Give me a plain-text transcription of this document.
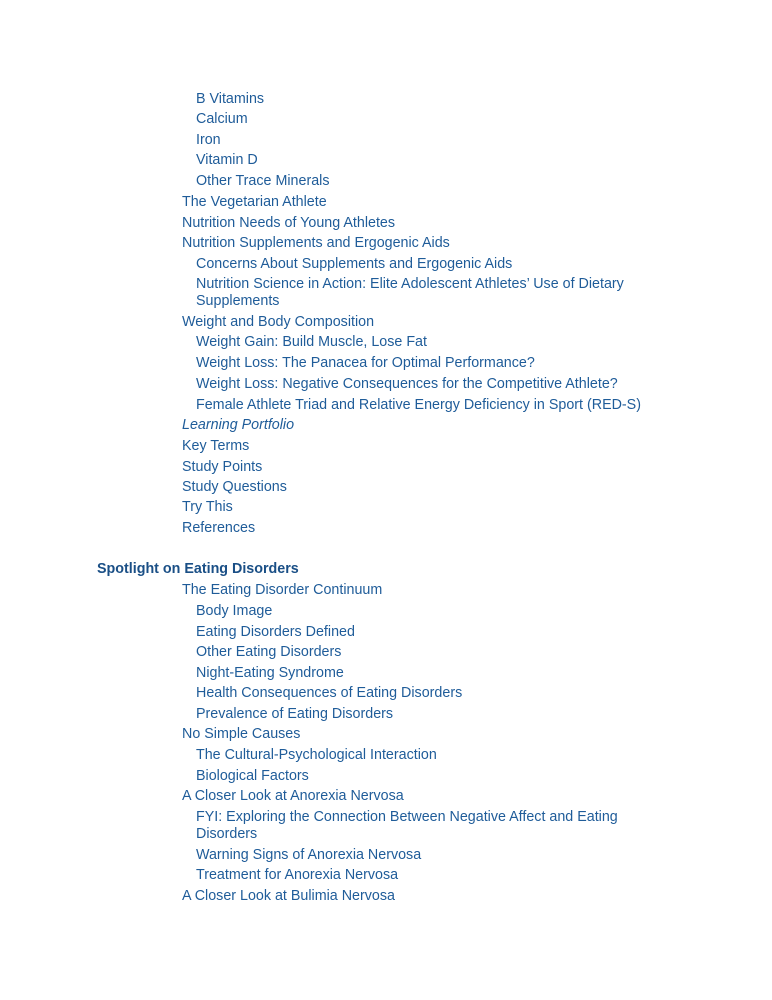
B Vitamins
Calcium
Iron
Vitamin D
Other Trace Minerals
The Vegetarian Athlete
Nutrition Needs of Young Athletes
Nutrition Supplements and Ergogenic Aids
Concerns About Supplements and Ergogenic Aids
Nutrition Science in Action: Elite Adolescent Athletes’ Use of Dietary Supplements
Weight and Body Composition
Weight Gain: Build Muscle, Lose Fat
Weight Loss: The Panacea for Optimal Performance?
Weight Loss: Negative Consequences for the Competitive Athlete?
Female Athlete Triad and Relative Energy Deficiency in Sport (RED-S)
Learning Portfolio
Key Terms
Study Points
Study Questions
Try This
References
Spotlight on Eating Disorders
The Eating Disorder Continuum
Body Image
Eating Disorders Defined
Other Eating Disorders
Night-Eating Syndrome
Health Consequences of Eating Disorders
Prevalence of Eating Disorders
No Simple Causes
The Cultural-Psychological Interaction
Biological Factors
A Closer Look at Anorexia Nervosa
FYI: Exploring the Connection Between Negative Affect and Eating Disorders
Warning Signs of Anorexia Nervosa
Treatment for Anorexia Nervosa
A Closer Look at Bulimia Nervosa
